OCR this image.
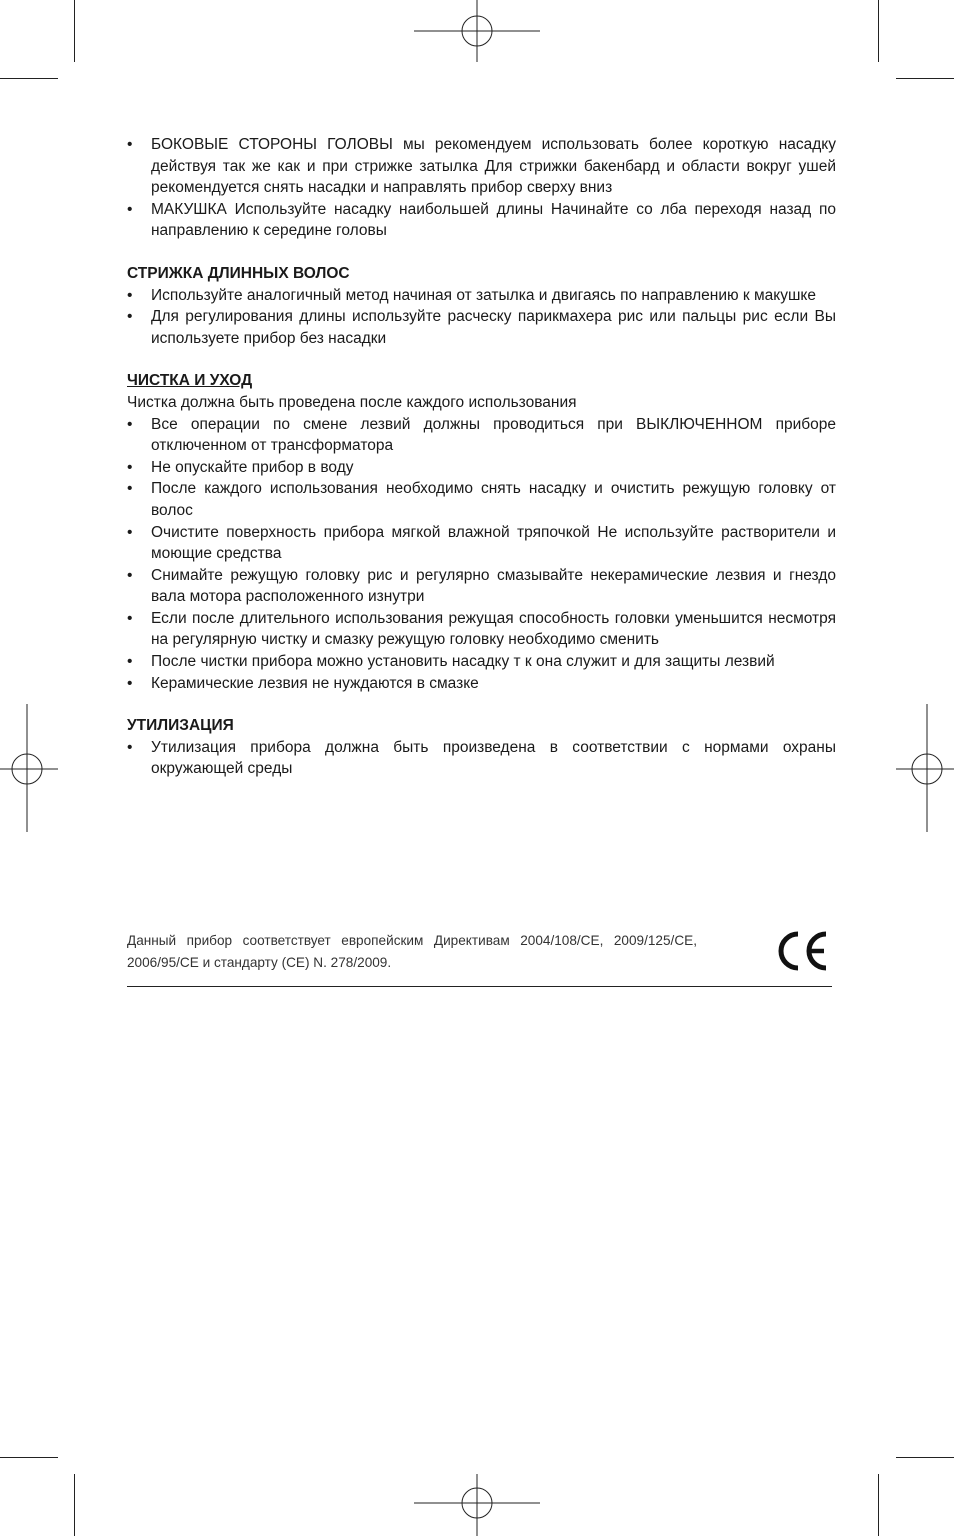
• БОКОВЫЕ СТОРОНЫ ГОЛОВЫ мы рекомендуем использовать более короткую насадку действуя так же как и при стрижке затылка Для стрижки бакенбард и области вокруг ушей рекомендуется снять насадки и направлять прибор сверху вниз
• МАКУШКА Используйте насадку наибольшей длины Начинайте со лба переходя назад по направлению к середине головы
СТРИЖКА ДЛИННЫХ ВОЛОС
• Используйте аналогичный метод начиная от затылка и двигаясь по направлению к макушке
• Для регулирования длины используйте расческу парикмахера рис или пальцы рис если Вы используете прибор без насадки
ЧИСТКА И УХОД
Чистка должна быть проведена после каждого использования
• Все операции по смене лезвий должны проводиться при ВЫКЛЮЧЕННОМ приборе отключенном от трансформатора
• Не опускайте прибор в воду
• После каждого использования необходимо снять насадку и очистить режущую головку от волос
• Очистите поверхность прибора мягкой влажной тряпочкой Не используйте растворители и моющие средства
• Снимайте режущую головку рис и регулярно смазывайте некерамические лезвия и гнездо вала мотора расположенного изнутри
• Если после длительного использования режущая способность головки уменьшится несмотря на регулярную чистку и смазку режущую головку необходимо сменить
• После чистки прибора можно установить насадку т к она служит и для защиты лезвий
• Керамические лезвия не нуждаются в смазке
УТИЛИЗАЦИЯ
• Утилизация прибора должна быть произведена в соответствии с нормами охраны окружающей среды
Данный прибор соответствует европейским Директивам 2004/108/CE, 2009/125/CE, 2006/95/CE и стандарту (CE) N. 278/2009.
